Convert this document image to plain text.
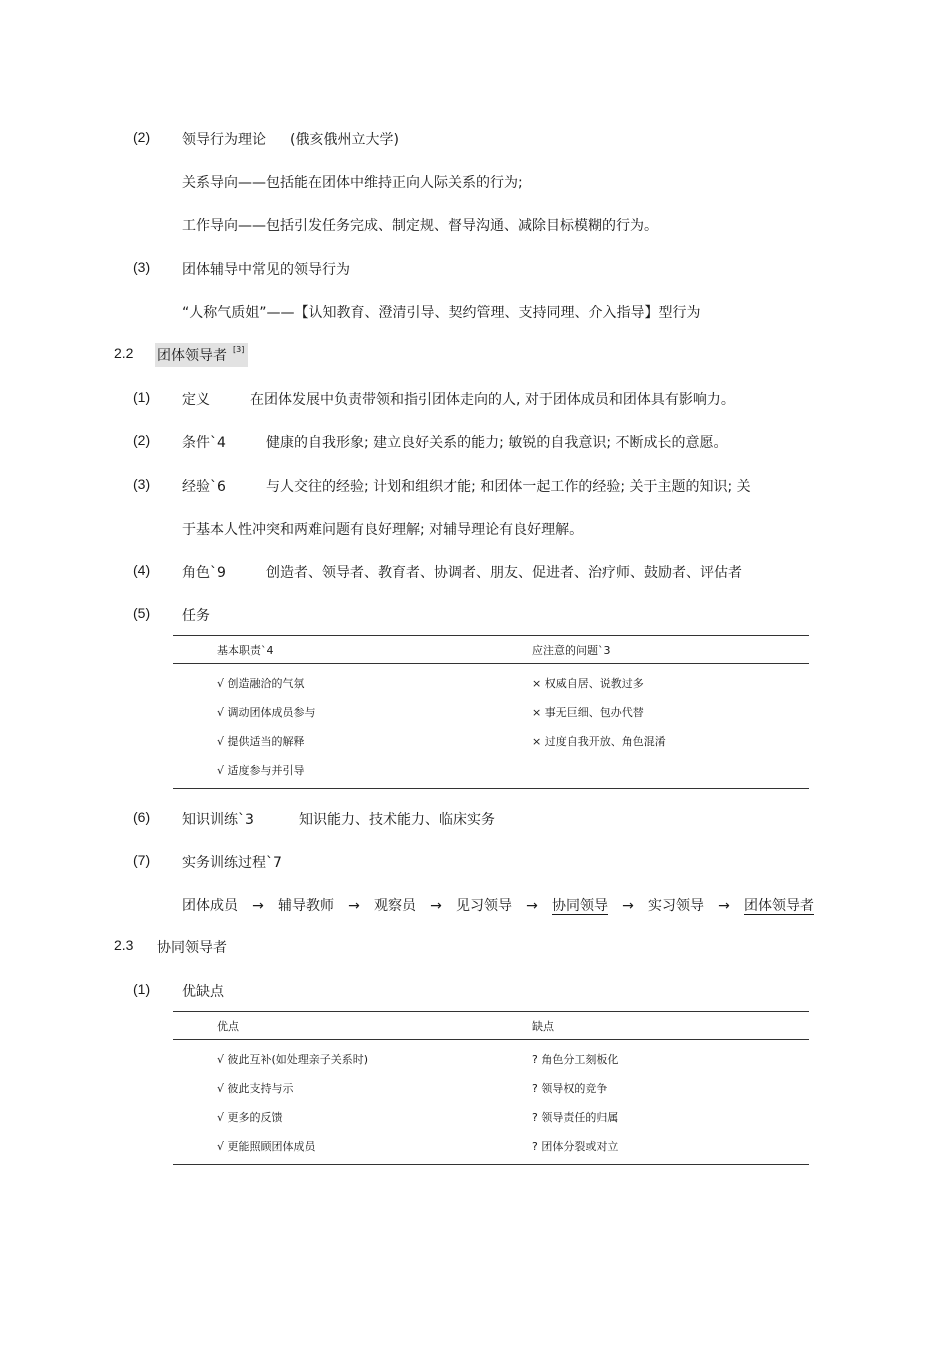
(2) 领导行为理论 (俄亥俄州立大学)
关系导向——包括能在团体中维持正向人际关系的行为;
工作导向——包括引发任务完成、制定规、督导沟通、减除目标模糊的行为。
(3) 团体辅导中常见的领导行为
“人称气质姐”——【认知教育、澄清引导、契约管理、支持同理、介入指导】型行为
2.2 团体领导者 [3]
(1) 定义	在团体发展中负责带领和指引团体走向的人, 对于团体成员和团体具有影响力。
(2) 条件`4	健康的自我形象; 建立良好关系的能力; 敏锐的自我意识; 不断成长的意愿。
(3) 经验`6	与人交往的经验; 计划和组织才能; 和团体一起工作的经验; 关于主题的知识; 关
于基本人性冲突和两难问题有良好理解; 对辅导理论有良好理解。
(4) 角色`9	创造者、领导者、教育者、协调者、朋友、促进者、治疗师、鼓励者、评估者
(5) 任务
基本职责`4	应注意的问题`3
√ 创造融洽的气氛	× 权威自居、说教过多
√ 调动团体成员参与	× 事无巨细、包办代替
√ 提供适当的解释	× 过度自我开放、角色混淆
√ 适度参与并引导	
(6) 知识训练`3	知识能力、技术能力、临床实务
(7) 实务训练过程`7
团体成员 → 辅导教师 → 观察员 → 见习领导 → 协同领导 → 实习领导 → 团体领导者
2.3 协同领导者
(1) 优缺点
优点	缺点
√ 彼此互补(如处理亲子关系时)	? 角色分工刻板化
√ 彼此支持与示	? 领导权的竞争
√ 更多的反馈	? 领导责任的归属
√ 更能照顾团体成员	? 团体分裂或对立
